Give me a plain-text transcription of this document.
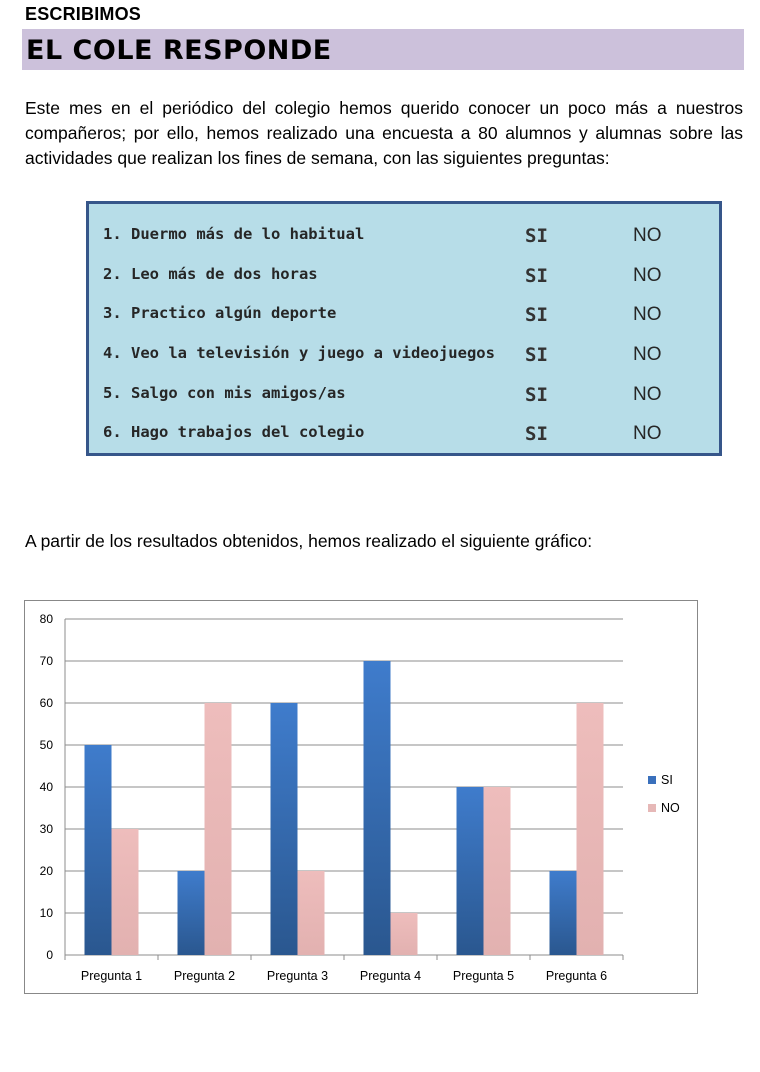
ESCRIBIMOS
EL COLE RESPONDE
Este mes en el periódico del colegio hemos querido conocer un poco más a nuestros compañeros; por ello, hemos realizado una encuesta a 80 alumnos y alumnas sobre las actividades que realizan los fines de semana, con las siguientes preguntas:
1. Duermo más de lo habitual	SI	NO
2. Leo más de dos horas	SI	NO
3. Practico algún deporte	SI	NO
4. Veo la televisión y juego a videojuegos SI	NO
5. Salgo con mis amigos/as	SI	NO
6. Hago trabajos del colegio	SI	NO
A partir de los resultados obtenidos, hemos realizado el siguiente gráfico:
0
10
20
30
40
50
60
70
80
Pregunta 1	Pregunta 2	Pregunta 3	Pregunta 4	Pregunta 5	Pregunta 6
SI
NO
